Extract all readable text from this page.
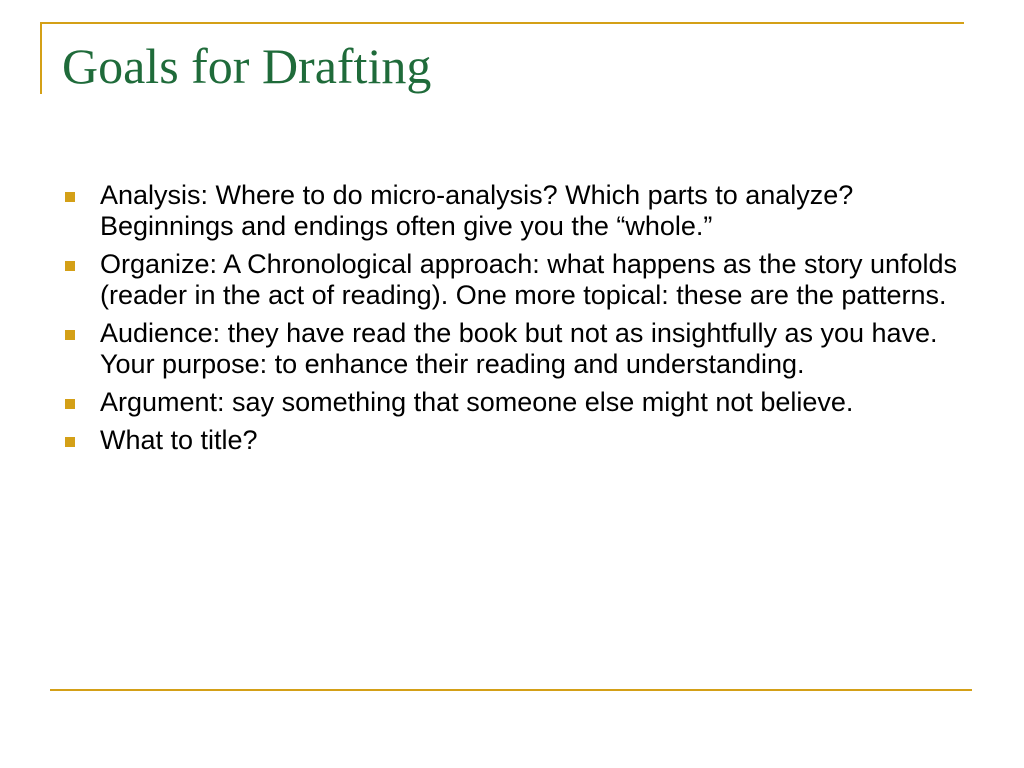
Goals for Drafting
Analysis: Where to do micro-analysis? Which parts to analyze? Beginnings and endings often give you the “whole.”
Organize: A Chronological approach: what happens as the story unfolds (reader in the act of reading). One more topical: these are the patterns.
Audience: they have read the book but not as insightfully as you have. Your purpose: to enhance their reading and understanding.
Argument: say something that someone else might not believe.
What to title?
